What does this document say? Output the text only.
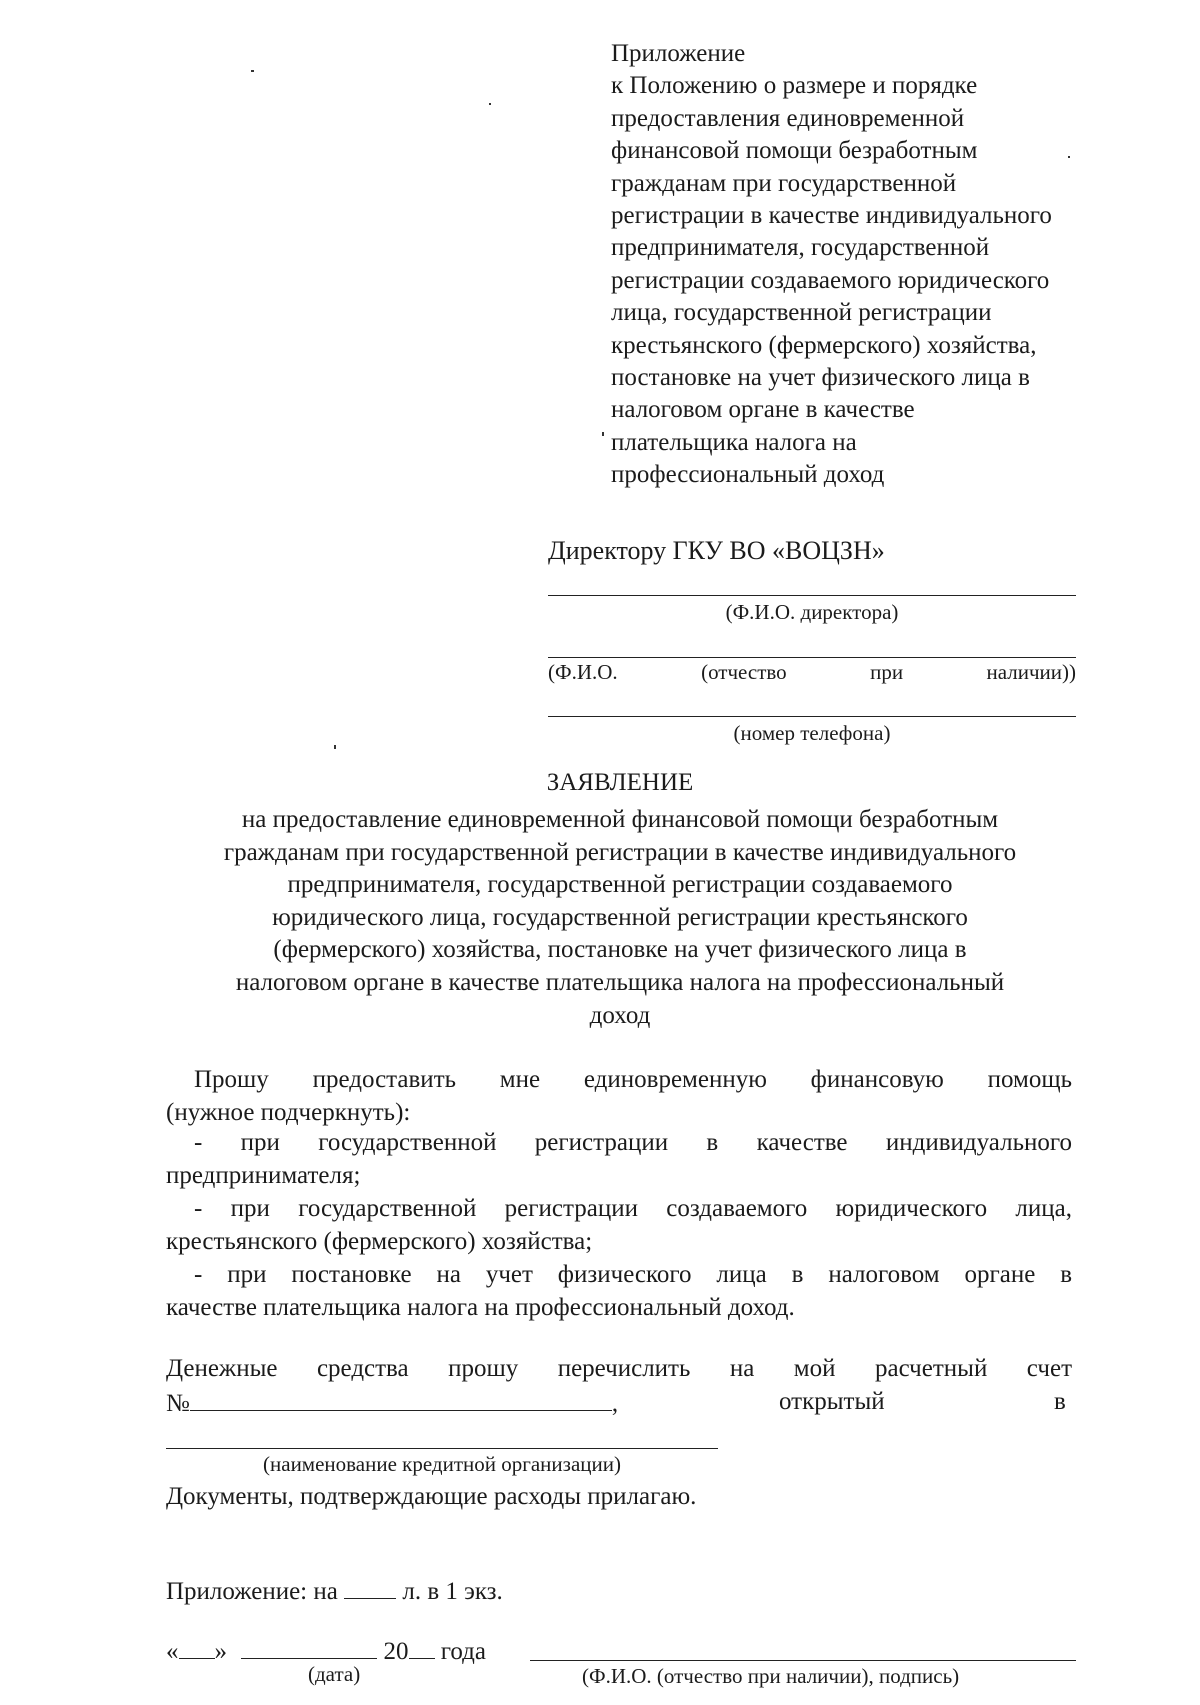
Приложение
к Положению о размере и порядке
предоставления единовременной
финансовой помощи безработным
гражданам при государственной
регистрации в качестве индивидуального
предпринимателя, государственной
регистрации создаваемого юридического
лица, государственной регистрации
крестьянского (фермерского) хозяйства,
постановке на учет физического лица в
налоговом органе в качестве
плательщика налога на
профессиональный доход
Директору ГКУ ВО «ВОЦЗН»
(Ф.И.О. директора)
(Ф.И.О.	(отчество	при	наличии))
(номер телефона)
ЗАЯВЛЕНИЕ
на предоставление единовременной финансовой помощи безработным
гражданам при государственной регистрации в качестве индивидуального
предпринимателя, государственной регистрации создаваемого
юридического лица, государственной регистрации крестьянского
(фермерского) хозяйства, постановке на учет физического лица в
налоговом органе в качестве плательщика налога на профессиональный
доход
Прошу предоставить мне единовременную финансовую помощь
(нужное подчеркнуть):
- при государственной регистрации в качестве индивидуального
предпринимателя;
- при государственной регистрации создаваемого юридического лица,
крестьянского (фермерского) хозяйства;
- при постановке на учет физического лица в налоговом органе в
качестве плательщика налога на профессиональный доход.
Денежные средства прошу перечислить на мой расчетный счет
№	,	открытый	в
(наименование кредитной организации)
Документы, подтверждающие расходы прилагаю.
Приложение: на	л. в 1 экз.
« »	20 года
(дата)	(Ф.И.О. (отчество при наличии), подпись)
